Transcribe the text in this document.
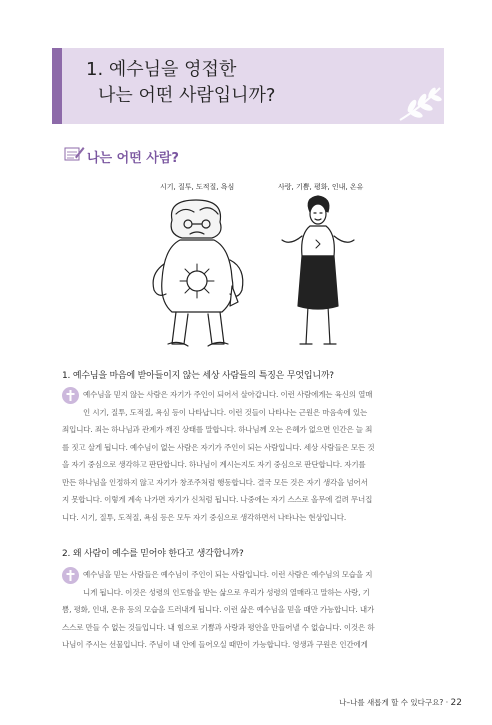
1. 예수님을 영접한
나는 어떤 사람입니까?
나는 어떤 사람?
시기, 질투, 도적질, 욕심	사랑, 기쁨, 평화, 인내, 온유
1. 예수님을 마음에 받아들이지 않는 세상 사람들의 특징은 무엇입니까?
예수님을 믿지 않는 사람은 자기가 주인이 되어서 살아갑니다. 이런 사람에게는 육신의 열매
인 시기, 질투, 도적질, 욕심 등이 나타납니다. 이런 것들이 나타나는 근원은 마음속에 있는
죄입니다. 죄는 하나님과 관계가 깨진 상태를 말합니다. 하나님께 오는 은혜가 없으면 인간은 늘 죄
를 짓고 살게 됩니다. 예수님이 없는 사람은 자기가 주인이 되는 사람입니다. 세상 사람들은 모든 것
을 자기 중심으로 생각하고 판단합니다. 하나님이 계시는지도 자기 중심으로 판단합니다. 자기를
만든 하나님을 인정하지 않고 자기가 창조주처럼 행동합니다. 결국 모든 것은 자기 생각을 넘어서
지 못합니다. 이렇게 계속 나가면 자기가 신처럼 됩니다. 나중에는 자기 스스로 올무에 걸려 무너집
니다. 시기, 질투, 도적질, 욕심 등은 모두 자기 중심으로 생각하면서 나타나는 현상입니다.
2. 왜 사람이 예수를 믿어야 한다고 생각합니까?
예수님을 믿는 사람들은 예수님이 주인이 되는 사람입니다. 이런 사람은 예수님의 모습을 지
니게 됩니다. 이것은 성령의 인도함을 받는 삶으로 우리가 성령의 열매라고 말하는 사랑, 기
쁨, 평화, 인내, 온유 등의 모습을 드러내게 됩니다. 이런 삶은 예수님을 믿을 때만 가능합니다. 내가
스스로 만들 수 없는 것들입니다. 내 힘으로 기쁨과 사랑과 평안을 만들어낼 수 없습니다. 이것은 하
나님이 주시는 선물입니다. 주님이 내 안에 들어오실 때만이 가능합니다. 영생과 구원은 인간에게
나–나를 새롭게 할 수 있다구요? · 22
